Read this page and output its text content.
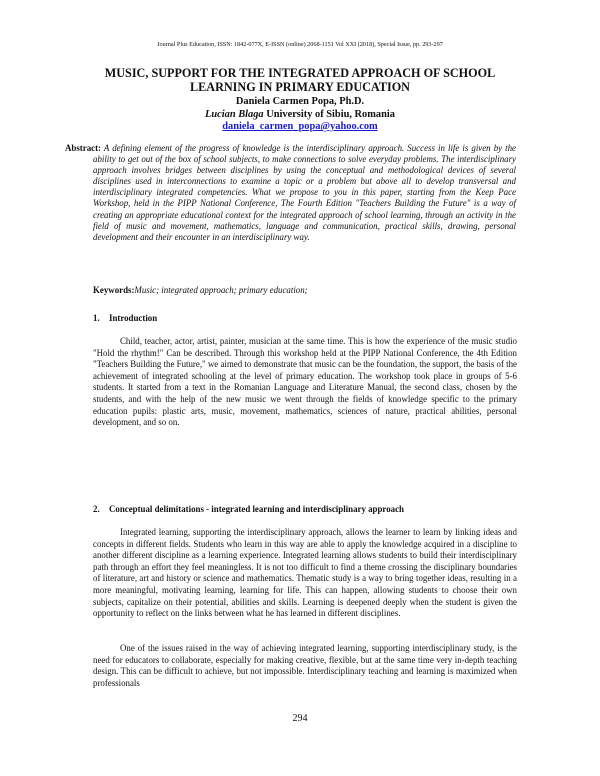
Journal Plus Education, ISSN: 1842-077X, E-ISSN (online) 2068-1151 Vol XXI (2018), Special Issue, pp. 293-297
MUSIC, SUPPORT FOR THE INTEGRATED APPROACH OF SCHOOL
LEARNING IN PRIMARY EDUCATION
Daniela Carmen Popa, Ph.D.
Lucian Blaga University of Sibiu, Romania
daniela_carmen_popa@yahoo.com
Abstract: A defining element of the progress of knowledge is the interdisciplinary approach. Success in life is given by the ability to get out of the box of school subjects, to make connections to solve everyday problems. The interdisciplinary approach involves bridges between disciplines by using the conceptual and methodological devices of several disciplines used in interconnections to examine a topic or a problem but above all to develop transversal and interdisciplinary integrated competencies. What we propose to you in this paper, starting from the Keep Pace Workshop, held in the PIPP National Conference, The Fourth Edition "Teachers Building the Future" is a way of creating an appropriate educational context for the integrated approach of school learning, through an activity in the field of music and movement, mathematics, language and communication, practical skills, drawing, personal development and their encounter in an interdisciplinary way.
Keywords:Music; integrated approach; primary education;
1. Introduction

Child, teacher, actor, artist, painter, musician at the same time. This is how the experience of the music studio "Hold the rhythm!" Can be described. Through this workshop held at the PIPP National Conference, the 4th Edition "Teachers Building the Future," we aimed to demonstrate that music can be the foundation, the support, the basis of the achievement of integrated schooling at the level of primary education. The workshop took place in groups of 5-6 students. It started from a text in the Romanian Language and Literature Manual, the second class, chosen by the students, and with the help of the new music we went through the fields of knowledge specific to the primary education pupils: plastic arts, music, movement, mathematics, sciences of nature, practical abilities, personal development, and so on.

2. Conceptual delimitations - integrated learning and interdisciplinary approach

Integrated learning, supporting the interdisciplinary approach, allows the learner to learn by linking ideas and concepts in different fields. Students who learn in this way are able to apply the knowledge acquired in a discipline to another different discipline as a learning experience. Integrated learning allows students to build their interdisciplinary path through an effort they feel meaningless. It is not too difficult to find a theme crossing the disciplinary boundaries of literature, art and history or science and mathematics. Thematic study is a way to bring together ideas, resulting in a more meaningful, motivating learning, learning for life. This can happen, allowing students to choose their own subjects, capitalize on their potential, abilities and skills. Learning is deepened deeply when the student is given the opportunity to reflect on the links between what he has learned in different disciplines.

One of the issues raised in the way of achieving integrated learning, supporting interdisciplinary study, is the need for educators to collaborate, especially for making creative, flexible, but at the same time very in-depth teaching design. This can be difficult to achieve, but not impossible. Interdisciplinary teaching and learning is maximized when professionals

294
